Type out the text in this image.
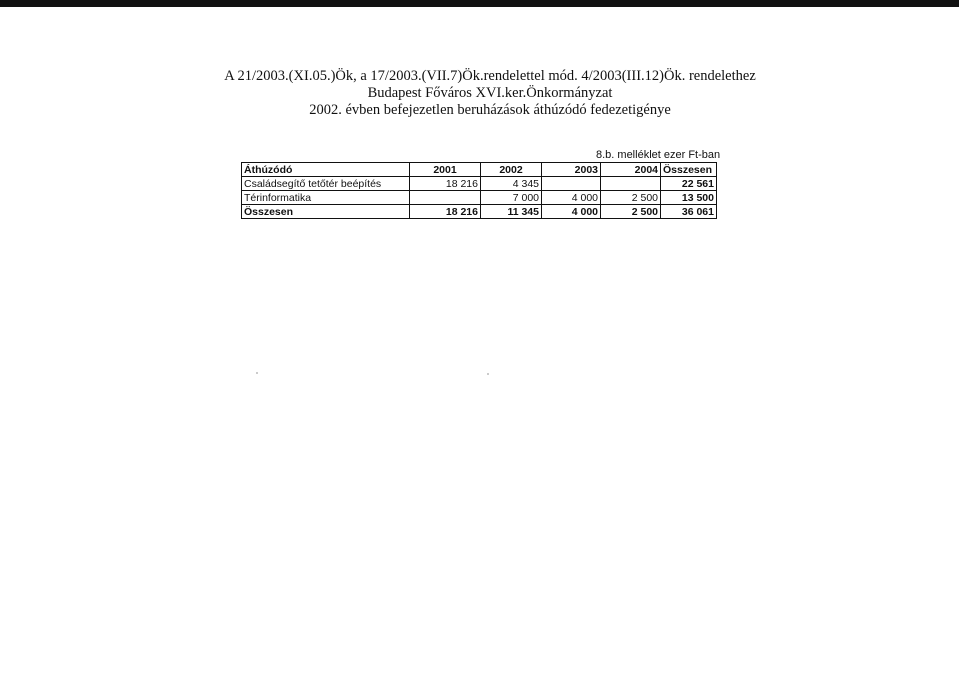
A 21/2003.(XI.05.)Ök, a 17/2003.(VII.7)Ök.rendelettel mód. 4/2003(III.12)Ök. rendelethez
Budapest Főváros XVI.ker.Önkormányzat
2002. évben befejezetlen beruházások áthúzódó fedezetigénye
8.b. melléklet ezer Ft-ban
Áthúzódó	2001	2002	2003	2004	Összesen
Családsegítő tetőtér beépítés	18 216	4 345			22 561
Térinformatika		7 000	4 000	2 500	13 500
Összesen	18 216	11 345	4 000	2 500	36 061
